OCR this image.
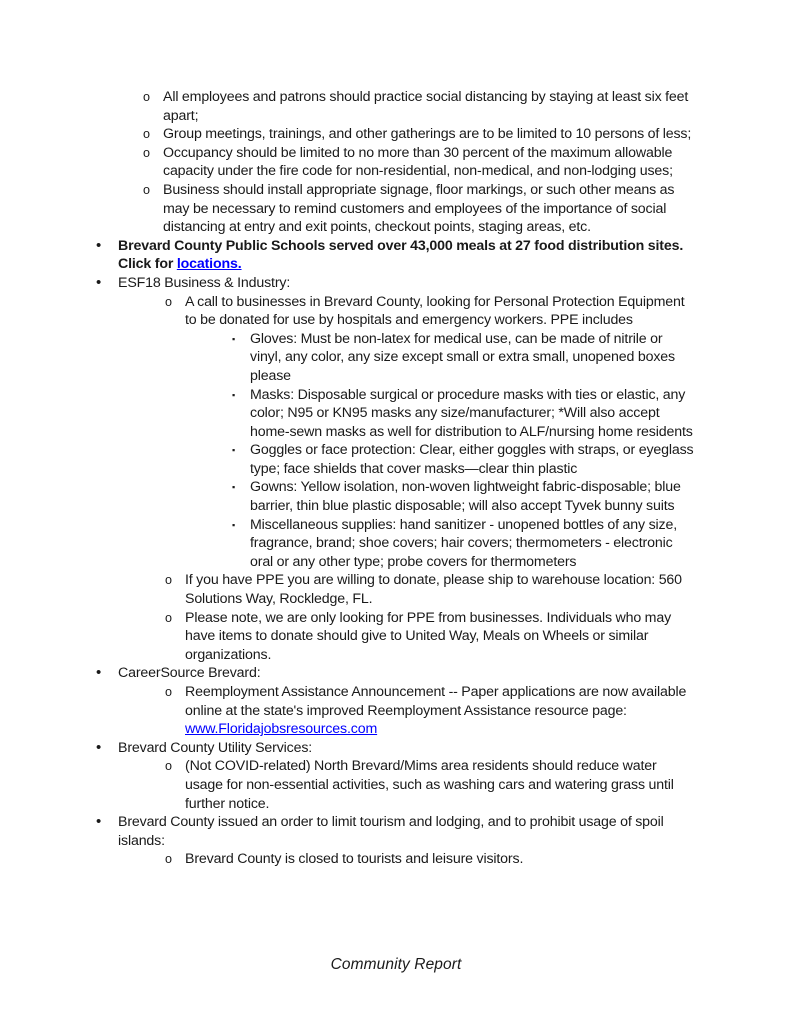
o All employees and patrons should practice social distancing by staying at least six feet apart;
o Group meetings, trainings, and other gatherings are to be limited to 10 persons of less;
o Occupancy should be limited to no more than 30 percent of the maximum allowable capacity under the fire code for non-residential, non-medical, and non-lodging uses;
o Business should install appropriate signage, floor markings, or such other means as may be necessary to remind customers and employees of the importance of social distancing at entry and exit points, checkout points, staging areas, etc.
•	Brevard County Public Schools served over 43,000 meals at 27 food distribution sites. Click for locations.
•	ESF18 Business & Industry:
o A call to businesses in Brevard County, looking for Personal Protection Equipment to be donated for use by hospitals and emergency workers. PPE includes
▪	Gloves: Must be non-latex for medical use, can be made of nitrile or vinyl, any color, any size except small or extra small, unopened boxes please
▪	Masks: Disposable surgical or procedure masks with ties or elastic, any color; N95 or KN95 masks any size/manufacturer; *Will also accept home-sewn masks as well for distribution to ALF/nursing home residents
▪	Goggles or face protection: Clear, either goggles with straps, or eyeglass type; face shields that cover masks—clear thin plastic
▪	Gowns: Yellow isolation, non-woven lightweight fabric-disposable; blue barrier, thin blue plastic disposable; will also accept Tyvek bunny suits
▪	Miscellaneous supplies: hand sanitizer - unopened bottles of any size, fragrance, brand; shoe covers; hair covers; thermometers - electronic oral or any other type; probe covers for thermometers
o If you have PPE you are willing to donate, please ship to warehouse location: 560 Solutions Way, Rockledge, FL.
o Please note, we are only looking for PPE from businesses. Individuals who may have items to donate should give to United Way, Meals on Wheels or similar organizations.
•	CareerSource Brevard:
o Reemployment Assistance Announcement -- Paper applications are now available online at the state's improved Reemployment Assistance resource page: www.Floridajobsresources.com
•	Brevard County Utility Services:
o (Not COVID-related) North Brevard/Mims area residents should reduce water usage for non-essential activities, such as washing cars and watering grass until further notice.
•	Brevard County issued an order to limit tourism and lodging, and to prohibit usage of spoil islands:
o Brevard County is closed to tourists and leisure visitors.
Community Report
